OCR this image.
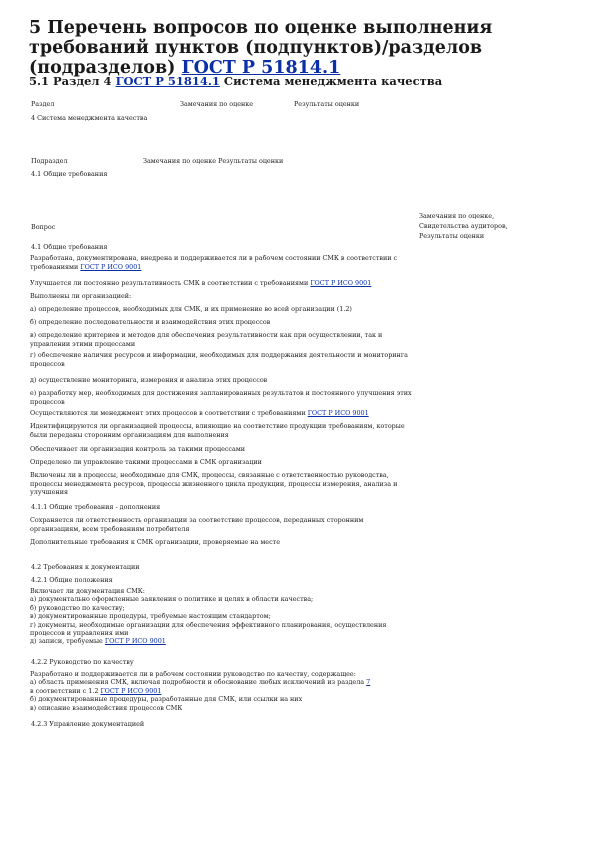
5 Перечень вопросов по оценке выполнения требований пунктов (подпунктов)/разделов (подразделов) ГОСТ Р 51814.1
5.1 Раздел 4 ГОСТ Р 51814.1 Система менеджмента качества
Раздел	Замечания по оценке	Результаты оценки
4 Система менеджмента качества
Подраздел	Замечания по оценке Результаты оценки
4.1 Общие требования
Вопрос
Замечания по оценке,
Свидетельства аудиторов,
Результаты оценки
4.1 Общие требования

Разработана, документирована, внедрена и поддерживается ли в рабочем состоянии СМК в соответствии с требованиями ГОСТ Р ИСО 9001

Улучшается ли постоянно результативность СМК в соответствии с требованиями ГОСТ Р ИСО 9001

Выполнены ли организацией:
а) определение процессов, необходимых для СМК, и их применение во всей организации (1.2)
б) определение последовательности и взаимодействия этих процессов
в) определение критериев и методов для обеспечения результативности как при осуществлении, так и управлении этими процессами
г) обеспечение наличия ресурсов и информации, необходимых для поддержания деятельности и мониторинга процессов
д) осуществление мониторинга, измерения и анализа этих процессов
е) разработку мер, необходимых для достижения запланированных результатов и постоянного улучшения этих процессов

Осуществляются ли менеджмент этих процессов в соответствии с требованиями ГОСТ Р ИСО 9001

Идентифицируются ли организацией процессы, влияющие на соответствие продукции требованиям, которые были переданы сторонним организациям для выполнения
Обеспечивает ли организация контроль за такими процессами
Определено ли управление такими процессами в СМК организации
Включены ли в процессы, необходимые для СМК, процессы, связанные с ответственностью руководства, процессы менеджмента ресурсов, процессы жизненного цикла продукции, процессы измерения, анализа и улучшения
4.1.1 Общие требования - дополнения
Сохраняется ли ответственность организации за соответствие процессов, переданных сторонним организациям, всем требованиям потребителя
Дополнительные требования к СМК организации, проверяемые на месте
4.2 Требования к документации
4.2.1 Общие положения

Включает ли документация СМК:

а) документально оформленные заявления о политике и целях в области качества;

б) руководство по качеству;

в) документированные процедуры, требуемые настоящим стандартом;

г) документы, необходимые организации для обеспечения эффективного планирования, осуществления процессов и управления ими

д) записи, требуемые ГОСТ Р ИСО 9001

4.2.2 Руководство по качеству

Разработано и поддерживается ли в рабочем состоянии руководство по качеству, содержащее:

а) область применения СМК, включая подробности и обоснование любых исключений из раздела 7

в соответствии с 1.2 ГОСТ Р ИСО 9001

б) документированные процедуры, разработанные для СМК, или ссылки на них

в) описание взаимодействия процессов СМК

4.2.3 Управление документацией
